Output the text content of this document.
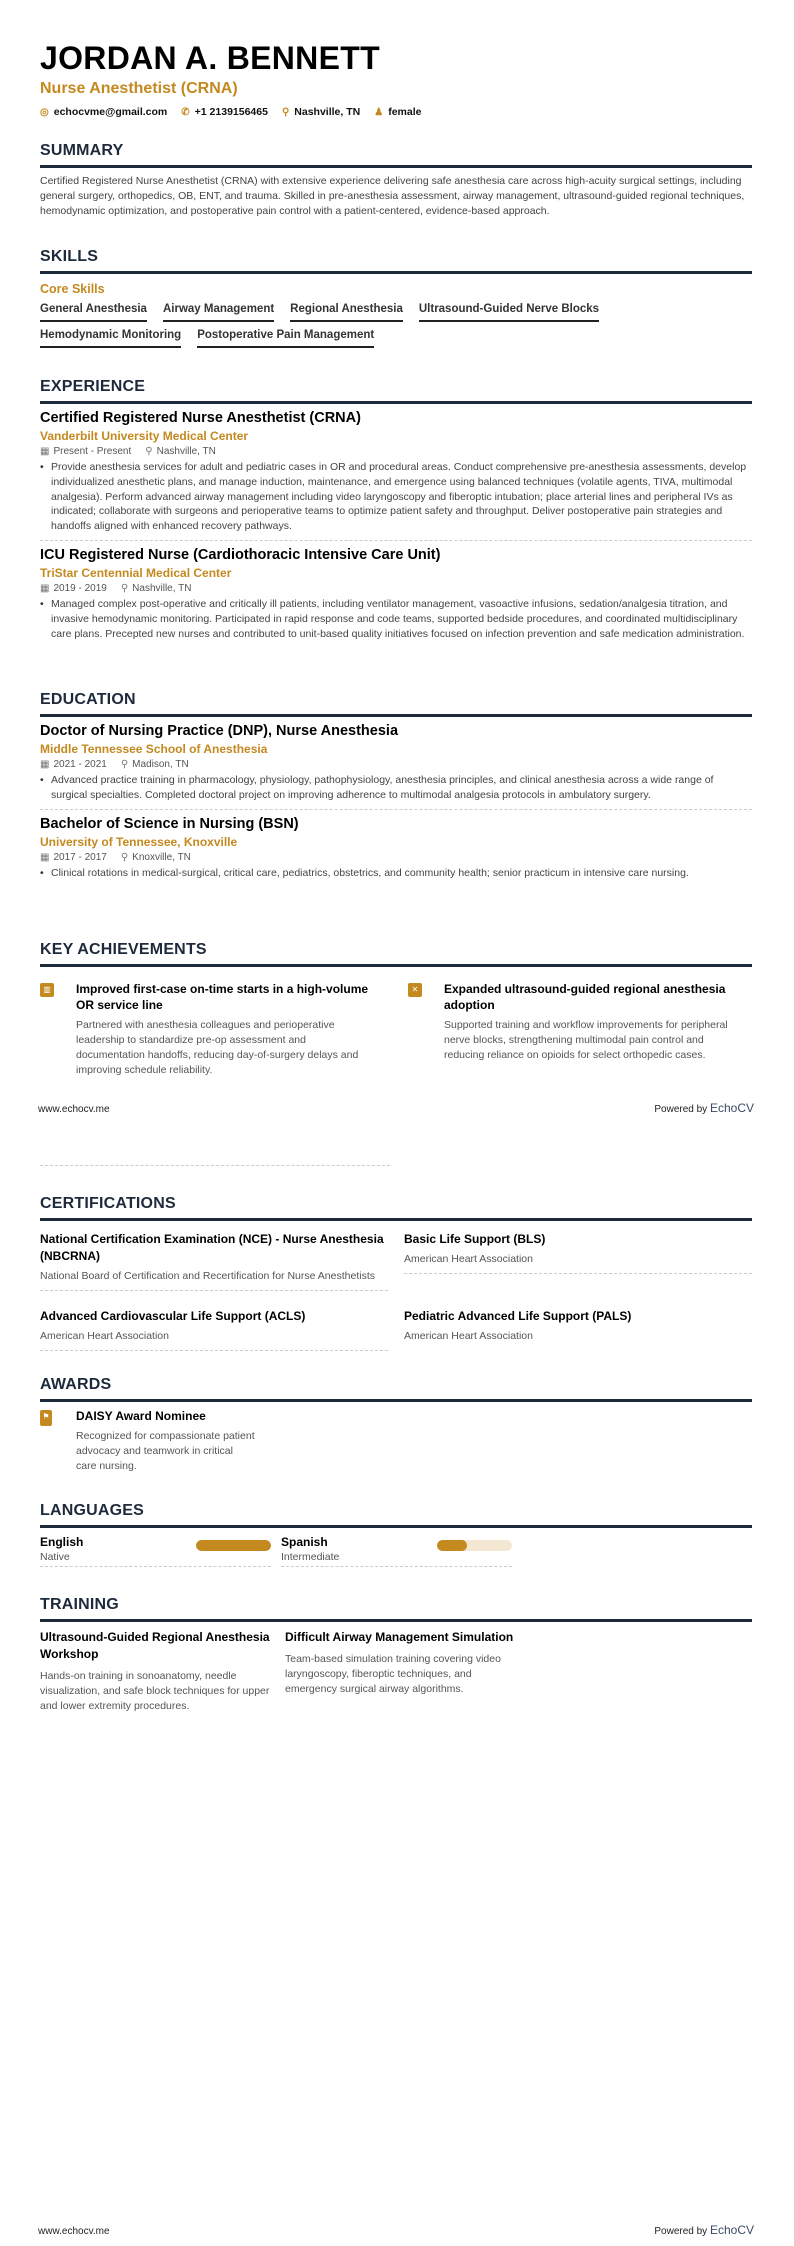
JORDAN A. BENNETT
Nurse Anesthetist (CRNA)
◎ echocvme@gmail.com ✆ +1 2139156465 ⚲ Nashville, TN ♟ female
SUMMARY
Certified Registered Nurse Anesthetist (CRNA) with extensive experience delivering safe anesthesia care across high-acuity surgical settings, including general surgery, orthopedics, OB, ENT, and trauma. Skilled in pre-anesthesia assessment, airway management, ultrasound-guided regional techniques, hemodynamic optimization, and postoperative pain control with a patient-centered, evidence-based approach.
SKILLS
Core Skills
General Anesthesia Airway Management Regional Anesthesia Ultrasound-Guided Nerve Blocks
Hemodynamic Monitoring Postoperative Pain Management
EXPERIENCE
Certified Registered Nurse Anesthetist (CRNA)
Vanderbilt University Medical Center
▦ Present - Present ⚲ Nashville, TN
• Provide anesthesia services for adult and pediatric cases in OR and procedural areas. Conduct comprehensive pre-anesthesia assessments, develop individualized anesthetic plans, and manage induction, maintenance, and emergence using balanced techniques (volatile agents, TIVA, multimodal analgesia). Perform advanced airway management including video laryngoscopy and fiberoptic intubation; place arterial lines and peripheral IVs as indicated; collaborate with surgeons and perioperative teams to optimize patient safety and throughput. Deliver postoperative pain strategies and handoffs aligned with enhanced recovery pathways.
ICU Registered Nurse (Cardiothoracic Intensive Care Unit)
TriStar Centennial Medical Center
▦ 2019 - 2019 ⚲ Nashville, TN
• Managed complex post-operative and critically ill patients, including ventilator management, vasoactive infusions, sedation/analgesia titration, and invasive hemodynamic monitoring. Participated in rapid response and code teams, supported bedside procedures, and coordinated multidisciplinary care plans. Precepted new nurses and contributed to unit-based quality initiatives focused on infection prevention and safe medication administration.
EDUCATION
Doctor of Nursing Practice (DNP), Nurse Anesthesia
Middle Tennessee School of Anesthesia
▦ 2021 - 2021 ⚲ Madison, TN
• Advanced practice training in pharmacology, physiology, pathophysiology, anesthesia principles, and clinical anesthesia across a wide range of surgical specialties. Completed doctoral project on improving adherence to multimodal analgesia protocols in ambulatory surgery.
Bachelor of Science in Nursing (BSN)
University of Tennessee, Knoxville
▦ 2017 - 2017 ⚲ Knoxville, TN
• Clinical rotations in medical-surgical, critical care, pediatrics, obstetrics, and community health; senior practicum in intensive care nursing.
KEY ACHIEVEMENTS
▥ Improved first-case on-time starts in a high-volume OR service line
Partnered with anesthesia colleagues and perioperative leadership to standardize pre-op assessment and documentation handoffs, reducing day-of-surgery delays and improving schedule reliability.
✕	Expanded ultrasound-guided regional anesthesia adoption
Supported training and workflow improvements for peripheral nerve blocks, strengthening multimodal pain control and reducing reliance on opioids for select orthopedic cases.
www.echocv.me	Powered by EchoCV
CERTIFICATIONS
National Certification Examination (NCE) - Nurse Anesthesia (NBCRNA)
National Board of Certification and Recertification for Nurse Anesthetists
Basic Life Support (BLS)
American Heart Association
Advanced Cardiovascular Life Support (ACLS)
American Heart Association
Pediatric Advanced Life Support (PALS)
American Heart Association
AWARDS
⚑ DAISY Award Nominee
Recognized for compassionate patient advocacy and teamwork in critical care nursing.
LANGUAGES
English
Native
Spanish
Intermediate
TRAINING
Ultrasound-Guided Regional Anesthesia Workshop
Hands-on training in sonoanatomy, needle visualization, and safe block techniques for upper and lower extremity procedures.
Difficult Airway Management Simulation
Team-based simulation training covering video laryngoscopy, fiberoptic techniques, and emergency surgical airway algorithms.
www.echocv.me	Powered by EchoCV
